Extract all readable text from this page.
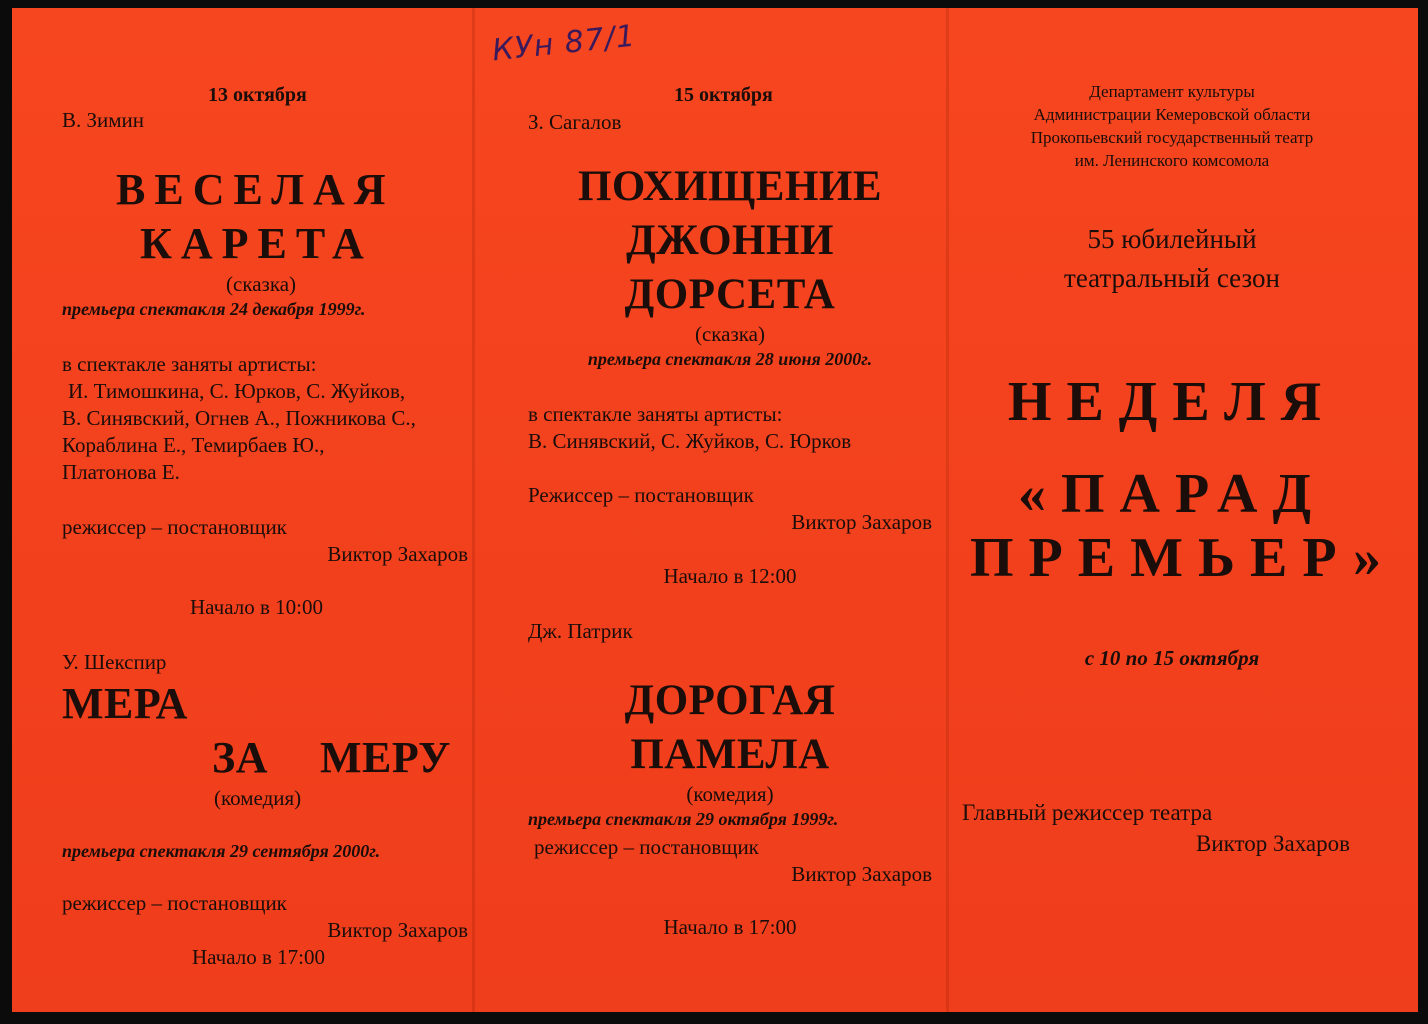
КУн 87/1
13 октября
В. Зимин
ВЕСЕЛАЯ
КАРЕТА
(сказка)
премьера спектакля 24 декабря 1999г.
в спектакле заняты артисты:
И. Тимошкина, С. Юрков, С. Жуйков,
В. Синявский, Огнев А., Пожникова С.,
Кораблина Е., Темирбаев Ю.,
Платонова Е.
режиссер – постановщик
Виктор Захаров
Начало в 10:00
У. Шекспир
МЕРА
ЗА МЕРУ
(комедия)
премьера спектакля 29 сентября 2000г.
режиссер – постановщик
Виктор Захаров
Начало в 17:00
15 октября
З. Сагалов
ПОХИЩЕНИЕ
ДЖОННИ
ДОРСЕТА
(сказка)
премьера спектакля 28 июня 2000г.
в спектакле заняты артисты:
В. Синявский, С. Жуйков, С. Юрков
Режиссер – постановщик
Виктор Захаров
Начало в 12:00
Дж. Патрик
ДОРОГАЯ
ПАМЕЛА
(комедия)
премьера спектакля 29 октября 1999г.
режиссер – постановщик
Виктор Захаров
Начало в 17:00
Департамент культуры
Администрации Кемеровской области
Прокопьевский государственный театр
им. Ленинского комсомола
55 юбилейный
театральный сезон
НЕДЕЛЯ
«ПАРАД
ПРЕМЬЕР»
с 10 по 15 октября
Главный режиссер театра
Виктор Захаров
